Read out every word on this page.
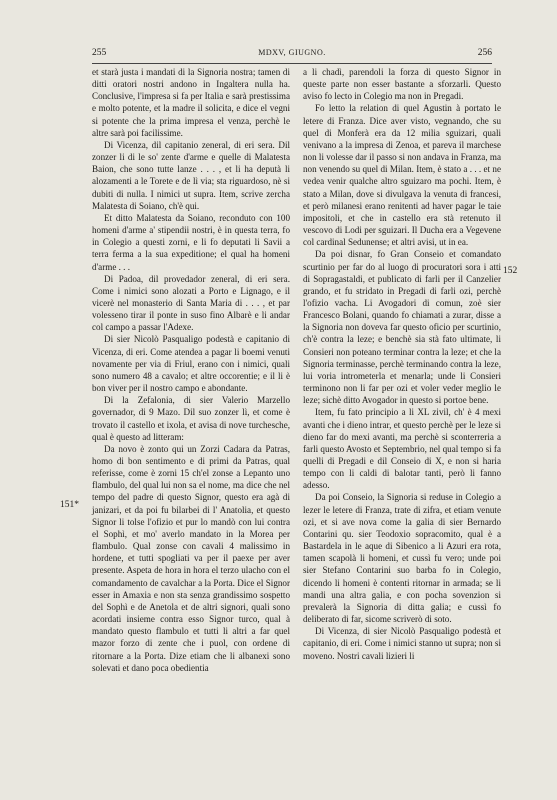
255	MDXV, GIUGNO.	256
151*
152

et starà justa i mandati di la Signoria nostra; tamen di ditti oratori nostri andono in Ingaltera nulla ha. Conclusive, l'impresa si fa per Italia e sarà prestissima e molto potente, et la madre il solicita, e dice el vegni si potente che la prima impresa el venza, perchè le altre sarà poi facilissime.

Di Vicenza, dil capitanio zeneral, di eri sera. Dil zonzer li di le so' zente d'arme e quelle di Malatesta Baion, che sono tutte lanze . . . , et li ha deputà li alozamenti a le Torete e de lì via; sta riguardoso, nè si dubiti di nulla. I nimici ut supra. Item, scrive zercha Malatesta di Soiano, ch'è qui.

Et ditto Malatesta da Soiano, reconduto con 100 homeni d'arme a' stipendii nostri, è in questa terra, fo in Colegio a questi zorni, e li fo deputati li Savii a terra ferma a la sua expeditione; el qual ha homeni d'arme . . .

Di Padoa, dil provedador zeneral, di eri sera. Come i nimici sono alozati a Porto e Lignago, e il vicerè nel monasterio di Santa Maria di . . . , et par volesseno tirar il ponte in suso fino Albarè e li andar col campo a passar l'Adexe.

Di sier Nicolò Pasqualigo podestà e capitanio di Vicenza, di eri. Come atendea a pagar li boemi venuti novamente per via di Friul, erano con i nimici, quali sono numero 48 a cavalo; et altre occorentie; e il li è bon viver per il nostro campo e abondante.

Di la Zefalonia, di sier Valerio Marzello governador, di 9 Mazo. Dil suo zonzer lì, et come è trovato il castello et ixola, et avisa di nove turchesche, qual è questo ad litteram:

Da novo è zonto qui un Zorzi Cadara da Patras, homo di bon sentimento e di primi da Patras, qual referisse, come è zorni 15 ch'el zonse a Lepanto uno flambulo, del qual lui non sa el nome, ma dice che nel tempo del padre di questo Signor, questo era agà di janizari, et da poi fu bilarbei di l' Anatolia, et questo Signor li tolse l'ofizio et pur lo mandò con lui contra el Sophì, et mo' averlo mandato in la Morea per flambulo. Qual zonse con cavali 4 malissimo in hordene, et tutti spogliati va per il paexe per aver presente. Aspeta de hora in hora el terzo ulacho con el comandamento de cavalchar a la Porta. Dice el Signor esser in Amaxia e non sta senza grandissimo sospetto del Sophì e de Anetola et de altri signori, quali sono acordati insieme contra esso Signor turco, qual à mandato questo flambulo et tutti li altri a far quel mazor forzo di zente che i puol, con ordene di ritornare a la Porta. Dize etiam che li albanexi sono solevati et dano poca obedientia

a li chadì, parendoli la forza di questo Signor in queste parte non esser bastante a sforzarli. Questo aviso fo lecto in Colegio ma non in Pregadi.

Fo letto la relation di quel Agustin à portato le letere di Franza. Dice aver visto, vegnando, che su quel di Monferà era da 12 milia sguizari, quali venivano a la impresa di Zenoa, et pareva il marchese non li volesse dar il passo si non andava in Franza, ma non venendo su quel di Milan. Item, è stato a . . . et ne vedea venir qualche altro sguizaro ma pochi. Item, è stato a Milan, dove si divulgava la venuta di francesi, et però milanesi erano renitenti ad haver pagar le taie impositoli, et che in castello era stà retenuto il vescovo di Lodi per sguizari. Il Ducha era a Vegevene col cardinal Sedunense; et altri avisi, ut in ea.

Da poi disnar, fo Gran Conseio et comandato scurtinio per far do al luogo di procuratori sora i atti di Sopragastaldi, et publicato di farli per il Canzelier grando, et fu stridato in Pregadi di farli ozi, perchè l'ofizio vacha. Li Avogadori di comun, zoè sier Francesco Bolani, quando fo chiamati a zurar, disse a la Signoria non doveva far questo oficio per scurtinio, ch'è contra la leze; e benchè sia stà fato ultimate, li Consieri non poteano terminar contra la leze; et che la Signoria terminasse, perchè terminando contra la leze, lui voria intrometerla et menarla; unde li Consieri terminono non li far per ozi et voler veder meglio le leze; sichè ditto Avogador in questo si portoe bene.

Item, fu fato principio a li XL zivil, ch' è 4 mexi avanti che i dieno intrar, et questo perchè per le leze si dieno far do mexi avanti, ma perchè si sconterreria a farli questo Avosto et Septembrio, nel qual tempo si fa quelli di Pregadi e dil Conseio di X, e non si haria tempo con li caldi di balotar tanti, però li fanno adesso.

Da poi Conseio, la Signoria si reduse in Colegio a lezer le letere di Franza, trate di zifra, et etiam venute ozi, et si ave nova come la galia di sier Bernardo Contarini qu. sier Teodoxio sopracomito, qual è a Bastardela in le aque di Sibenico a li Azuri era rota, tamen scapolà li homeni, et cussì fu vero; unde poi sier Stefano Contarini suo barba fo in Colegio, dicendo li homeni è contenti ritornar in armada; se li mandi una altra galia, e con pocha sovenzion si prevalerà la Signoria di ditta galia; e cussì fo deliberato di far, sicome scriverò di soto.

Di Vicenza, di sier Nicolò Pasqualigo podestà et capitanio, di eri. Come i nimici stanno ut supra; non si moveno. Nostri cavali lizieri li
